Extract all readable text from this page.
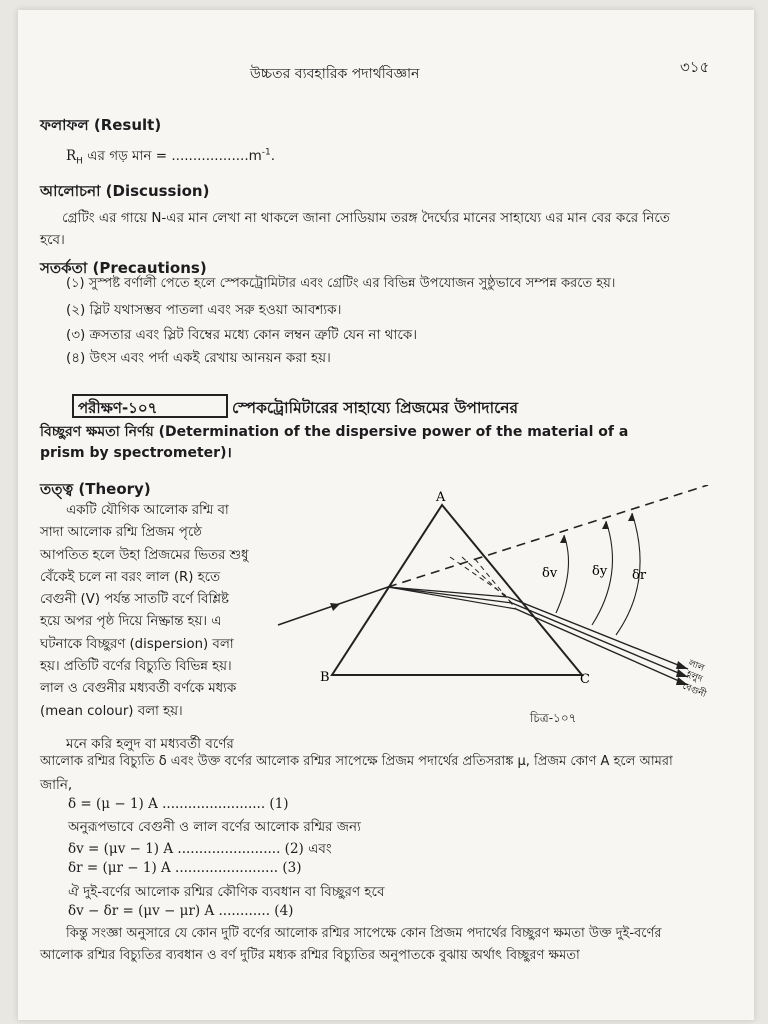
উচ্চতর ব্যবহারিক পদার্থবিজ্ঞান	৩১৫
ফলাফল (Result)
$R_H$ এর গড় মান = $..................m^{-1}$.
আলোচনা (Discussion)
গ্রেটিং এর গায়ে N-এর মান লেখা না থাকলে জানা সোডিয়াম তরঙ্গ দৈর্ঘ্যের মানের সাহায্যে এর মান বের করে নিতে
হবে।
সতর্কতা (Precautions)
(১) সুস্পষ্ট বর্ণালী পেতে হলে স্পেকট্রোমিটার এবং গ্রেটিং এর বিভিন্ন উপযোজন সুষ্ঠুভাবে সম্পন্ন করতে হয়।
(২) স্লিট যথাসম্ভব পাতলা এবং সরু হওয়া আবশ্যক।
(৩) ক্রসতার এবং স্লিট বিম্বের মধ্যে কোন লম্বন ত্রুটি যেন না থাকে।
(৪) উৎস এবং পর্দা একই রেখায় আনয়ন করা হয়।
পরীক্ষণ-১০৭	স্পেকট্রোমিটারের সাহায্যে প্রিজমের উপাদানের
বিচ্ছুরণ ক্ষমতা নির্ণয় (Determination of the dispersive power of the material of a
prism by spectrometer)।
তত্ত্ব (Theory)
একটি যৌগিক আলোক রশ্মি বা
সাদা আলোক রশ্মি প্রিজম পৃষ্ঠে
আপতিত হলে উহা প্রিজমের ভিতর শুধু
বেঁকেই চলে না বরং লাল (R) হতে
বেগুনী (V) পর্যন্ত সাতটি বর্ণে বিশ্লিষ্ট
হয়ে অপর পৃষ্ঠ দিয়ে নিষ্ক্রান্ত হয়। এ
ঘটনাকে বিচ্ছুরণ (dispersion) বলা
হয়। প্রতিটি বর্ণের বিচ্যুতি বিভিন্ন হয়।
লাল ও বেগুনীর মধ্যবর্তী বর্ণকে মধ্যক
(mean colour) বলা হয়।
A
B	C
δv	δy δr
লাল
হলুদ
বেগুনী
চিত্র-১০৭
মনে করি হলুদ বা মধ্যবর্তী বর্ণের
আলোক রশ্মির বিচ্যুতি δ এবং উক্ত বর্ণের আলোক রশ্মির সাপেক্ষে প্রিজম পদার্থের প্রতিসরাঙ্ক μ, প্রিজম কোণ A হলে আমরা
জানি,
δ = (μ − 1) A ........................ (1)
অনুরূপভাবে বেগুনী ও লাল বর্ণের আলোক রশ্মির জন্য
δv = (μv − 1) A ........................ (2) এবং
δr = (μr − 1) A ........................ (3)
ঐ দুই-বর্ণের আলোক রশ্মির কৌণিক ব্যবধান বা বিচ্ছুরণ হবে
δv − δr = (μv − μr) A ............ (4)
কিন্তু সংজ্ঞা অনুসারে যে কোন দুটি বর্ণের আলোক রশ্মির সাপেক্ষে কোন প্রিজম পদার্থের বিচ্ছুরণ ক্ষমতা উক্ত দুই-বর্ণের
আলোক রশ্মির বিচ্যুতির ব্যবধান ও বর্ণ দুটির মধ্যক রশ্মির বিচ্যুতির অনুপাতকে বুঝায় অর্থাৎ বিচ্ছুরণ ক্ষমতা
